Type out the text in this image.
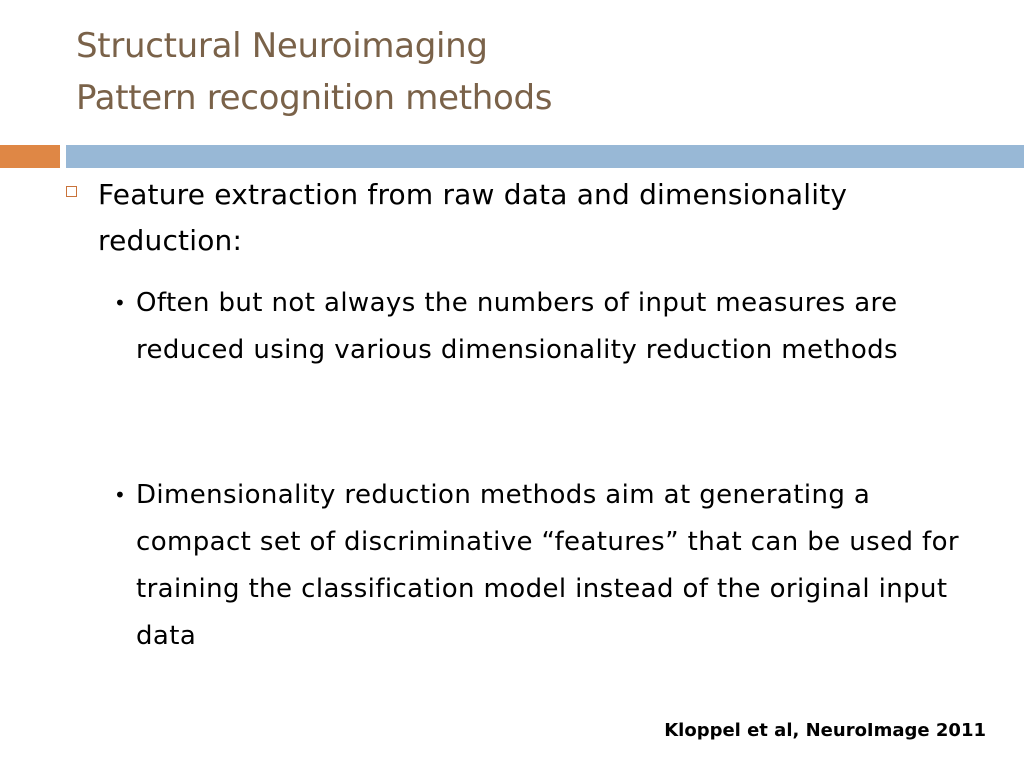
Structural Neuroimaging
Pattern recognition methods
Feature extraction from raw data and dimensionality reduction:
• Often but not always the numbers of input measures are reduced using various dimensionality reduction methods
• Dimensionality reduction methods aim at generating a compact set of discriminative “features” that can be used for training the classification model instead of the original input data
Kloppel et al, NeuroImage 2011
